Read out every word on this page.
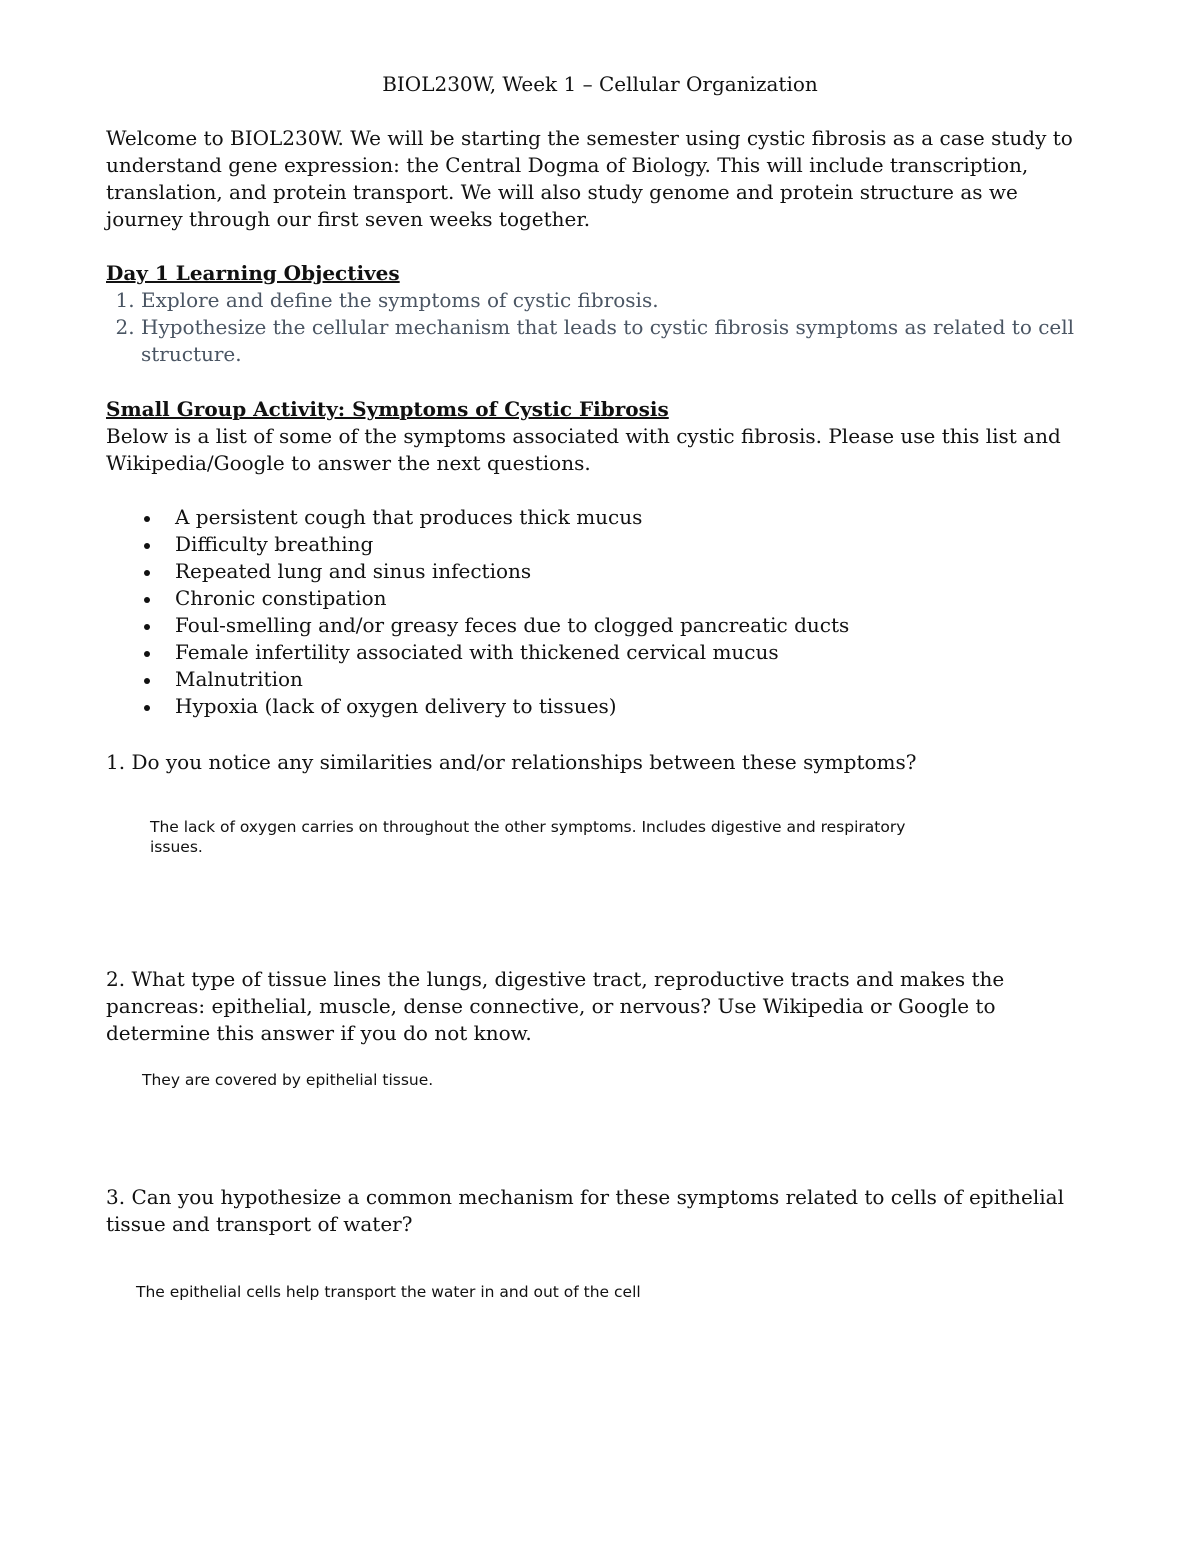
BIOL230W, Week 1 – Cellular Organization
Welcome to BIOL230W. We will be starting the semester using cystic fibrosis as a case study to understand gene expression: the Central Dogma of Biology. This will include transcription, translation, and protein transport. We will also study genome and protein structure as we journey through our first seven weeks together.
Day 1 Learning Objectives
1. Explore and define the symptoms of cystic fibrosis.
2. Hypothesize the cellular mechanism that leads to cystic fibrosis symptoms as related to cell structure.
Small Group Activity: Symptoms of Cystic Fibrosis
Below is a list of some of the symptoms associated with cystic fibrosis. Please use this list and Wikipedia/Google to answer the next questions.
A persistent cough that produces thick mucus
Difficulty breathing
Repeated lung and sinus infections
Chronic constipation
Foul-smelling and/or greasy feces due to clogged pancreatic ducts
Female infertility associated with thickened cervical mucus
Malnutrition
Hypoxia (lack of oxygen delivery to tissues)
1. Do you notice any similarities and/or relationships between these symptoms?
The lack of oxygen carries on throughout the other symptoms. Includes digestive and respiratory issues.
2. What type of tissue lines the lungs, digestive tract, reproductive tracts and makes the pancreas: epithelial, muscle, dense connective, or nervous? Use Wikipedia or Google to determine this answer if you do not know.
They are covered by epithelial tissue.
3. Can you hypothesize a common mechanism for these symptoms related to cells of epithelial tissue and transport of water?
The epithelial cells help transport the water in and out of the cell
